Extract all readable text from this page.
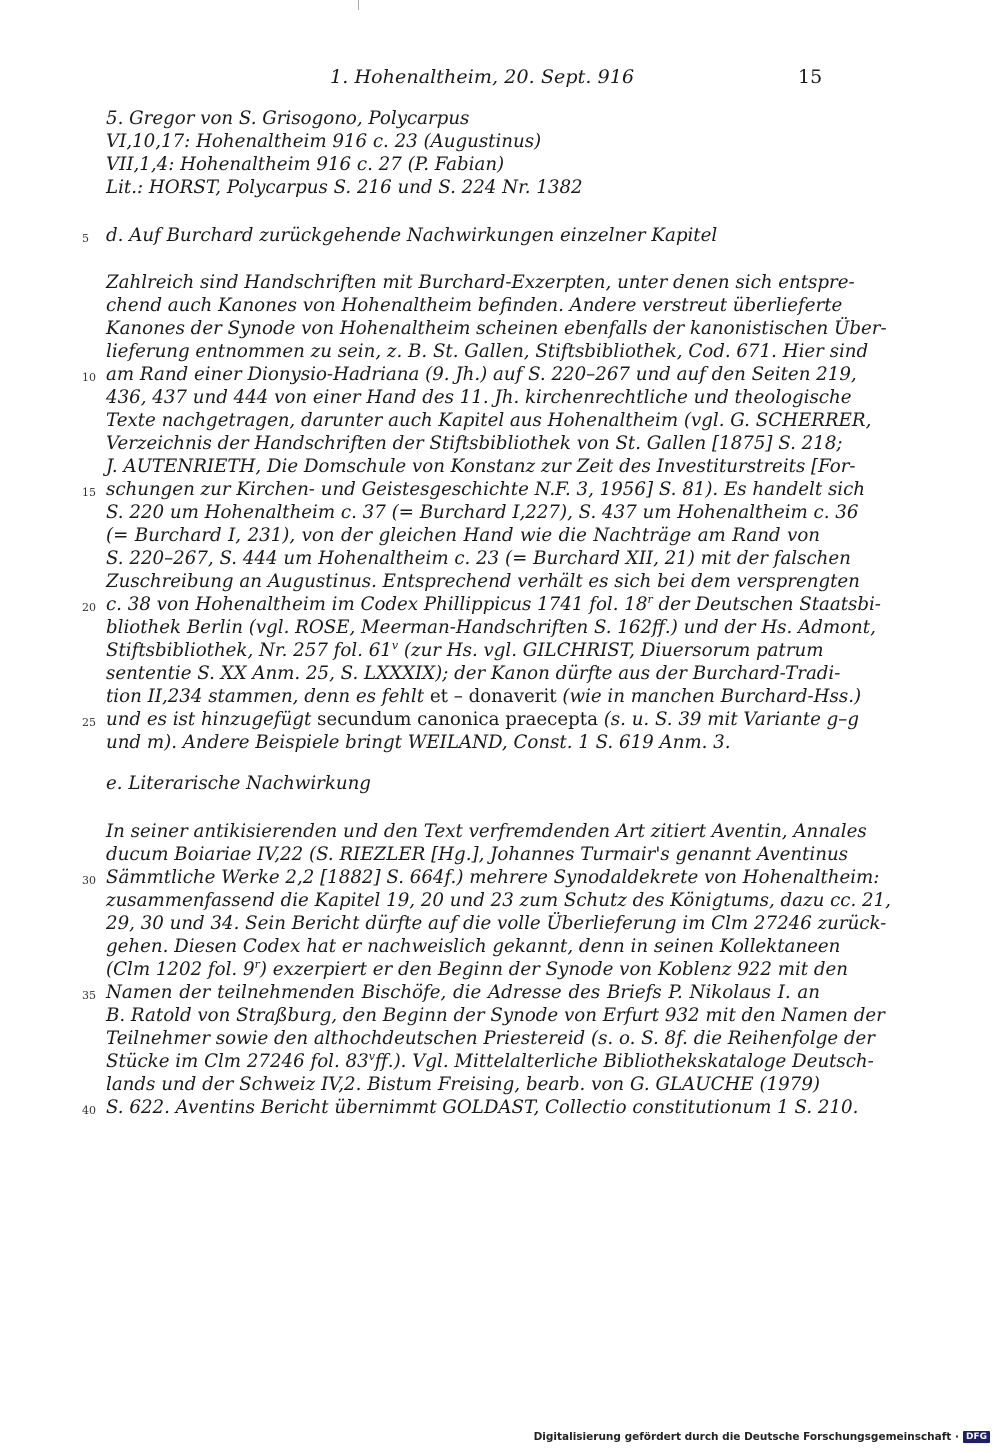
1. Hohenaltheim, 20. Sept. 916	15
5. Gregor von S. Grisogono, Polycarpus
VI,10,17: Hohenaltheim 916 c. 23 (Augustinus)
VII,1,4: Hohenaltheim 916 c. 27 (P. Fabian)
Lit.: HORST, Polycarpus S. 216 und S. 224 Nr. 1382
d. Auf Burchard zurückgehende Nachwirkungen einzelner Kapitel
Zahlreich sind Handschriften mit Burchard-Exzerpten, unter denen sich entspre-
chend auch Kanones von Hohenaltheim befinden. Andere verstreut überlieferte
Kanones der Synode von Hohenaltheim scheinen ebenfalls der kanonistischen Über-
lieferung entnommen zu sein, z. B. St. Gallen, Stiftsbibliothek, Cod. 671. Hier sind
am Rand einer Dionysio-Hadriana (9. Jh.) auf S. 220–267 und auf den Seiten 219,
436, 437 und 444 von einer Hand des 11. Jh. kirchenrechtliche und theologische
Texte nachgetragen, darunter auch Kapitel aus Hohenaltheim (vgl. G. SCHERRER,
Verzeichnis der Handschriften der Stiftsbibliothek von St. Gallen [1875] S. 218;
J. AUTENRIETH, Die Domschule von Konstanz zur Zeit des Investiturstreits [For-
schungen zur Kirchen- und Geistesgeschichte N.F. 3, 1956] S. 81). Es handelt sich
S. 220 um Hohenaltheim c. 37 (= Burchard I,227), S. 437 um Hohenaltheim c. 36
(= Burchard I, 231), von der gleichen Hand wie die Nachträge am Rand von
S. 220–267, S. 444 um Hohenaltheim c. 23 (= Burchard XII, 21) mit der falschen
Zuschreibung an Augustinus. Entsprechend verhält es sich bei dem versprengten
c. 38 von Hohenaltheim im Codex Phillippicus 1741 fol. 18$^r$ der Deutschen Staatsbi-
bliothek Berlin (vgl. ROSE, Meerman-Handschriften S. 162ff.) und der Hs. Admont,
Stiftsbibliothek, Nr. 257 fol. 61$^v$ (zur Hs. vgl. GILCHRIST, Diuersorum patrum
sententie S. XX Anm. 25, S. LXXXIX); der Kanon dürfte aus der Burchard-Tradi-
tion II,234 stammen, denn es fehlt et – donaverit (wie in manchen Burchard-Hss.)
und es ist hinzugefügt secundum canonica praecepta (s. u. S. 39 mit Variante g–g
und m). Andere Beispiele bringt WEILAND, Const. 1 S. 619 Anm. 3.
e. Literarische Nachwirkung
In seiner antikisierenden und den Text verfremdenden Art zitiert Aventin, Annales
ducum Boiariae IV,22 (S. RIEZLER [Hg.], Johannes Turmair's genannt Aventinus
Sämmtliche Werke 2,2 [1882] S. 664f.) mehrere Synodaldekrete von Hohenaltheim:
zusammenfassend die Kapitel 19, 20 und 23 zum Schutz des Königtums, dazu cc. 21,
29, 30 und 34. Sein Bericht dürfte auf die volle Überlieferung im Clm 27246 zurück-
gehen. Diesen Codex hat er nachweislich gekannt, denn in seinen Kollektaneen
(Clm 1202 fol. 9$^r$) exzerpiert er den Beginn der Synode von Koblenz 922 mit den
Namen der teilnehmenden Bischöfe, die Adresse des Briefs P. Nikolaus I. an
B. Ratold von Straßburg, den Beginn der Synode von Erfurt 932 mit den Namen der
Teilnehmer sowie den althochdeutschen Priestereid (s. o. S. 8f. die Reihenfolge der
Stücke im Clm 27246 fol. 83$^v$ff.). Vgl. Mittelalterliche Bibliothekskataloge Deutsch-
lands und der Schweiz IV,2. Bistum Freising, bearb. von G. GLAUCHE (1979)
S. 622. Aventins Bericht übernimmt GOLDAST, Collectio constitutionum 1 S. 210.
5
10
15
20
25
30
35
40
Digitalisierung gefördert durch die Deutsche Forschungsgemeinschaft · DFG
